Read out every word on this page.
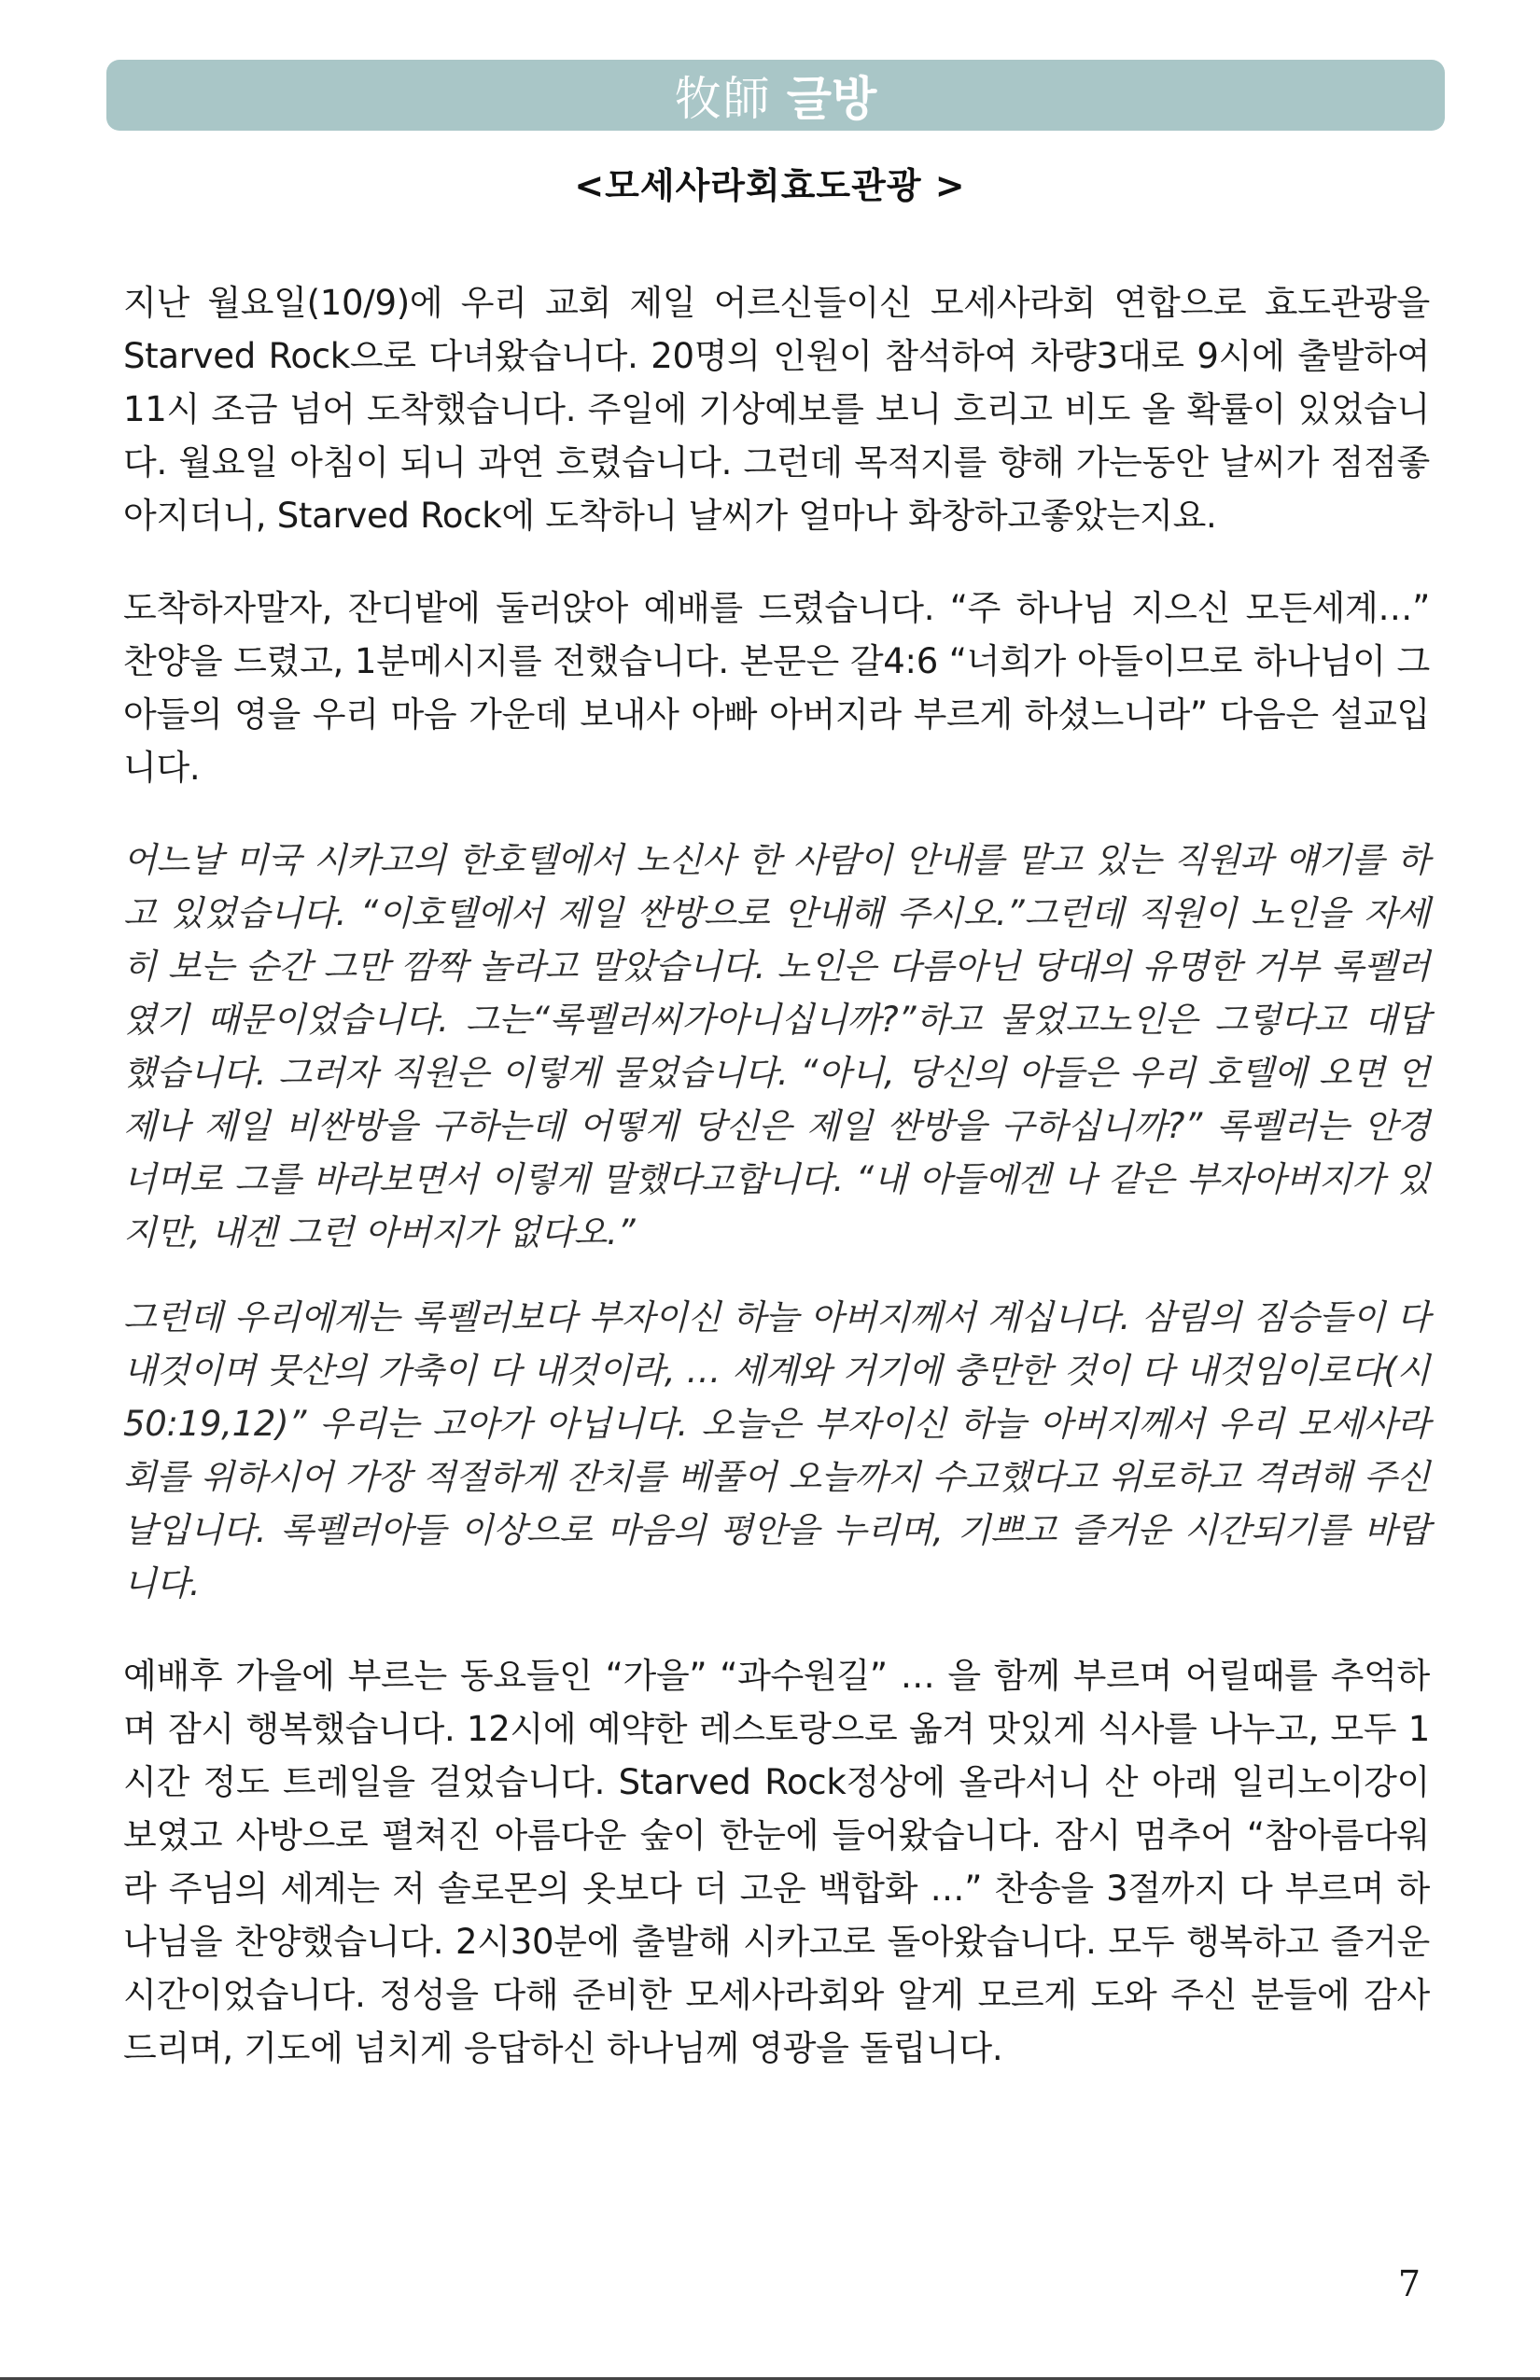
牧師 글방
<모세사라회효도관광 >

지난 월요일(10/9)에 우리 교회 제일 어르신들이신 모세사라회 연합으로 효도관광을 Starved Rock으로 다녀왔습니다. 20명의 인원이 참석하여 차량3대로 9시에 출발하여 11시 조금 넘어 도착했습니다. 주일에 기상예보를 보니 흐리고 비도 올 확률이 있었습니다. 월요일 아침이 되니 과연 흐렸습니다. 그런데 목적지를 향해 가는동안 날씨가 점점좋아지더니, Starved Rock에 도착하니 날씨가 얼마나 화창하고좋았는지요.

도착하자말자, 잔디밭에 둘러앉아 예배를 드렸습니다. “주 하나님 지으신 모든세계…” 찬양을 드렸고, 1분메시지를 전했습니다. 본문은 갈4:6 “너희가 아들이므로 하나님이 그 아들의 영을 우리 마음 가운데 보내사 아빠 아버지라 부르게 하셨느니라” 다음은 설교입니다.

어느날 미국 시카고의 한호텔에서 노신사 한 사람이 안내를 맡고 있는 직원과 얘기를 하고 있었습니다. “이호텔에서 제일 싼방으로 안내해 주시오.”그런데 직원이 노인을 자세히 보는 순간 그만 깜짝 놀라고 말았습니다. 노인은 다름아닌 당대의 유명한 거부 록펠러였기 때문이었습니다. 그는“록펠러씨가아니십니까?”하고 물었고노인은 그렇다고 대답했습니다. 그러자 직원은 이렇게 물었습니다. “아니, 당신의 아들은 우리 호텔에 오면 언제나 제일 비싼방을 구하는데 어떻게 당신은 제일 싼방을 구하십니까?” 록펠러는 안경 너머로 그를 바라보면서 이렇게 말했다고합니다. “내 아들에겐 나 같은 부자아버지가 있지만, 내겐 그런 아버지가 없다오.”

그런데 우리에게는 록펠러보다 부자이신 하늘 아버지께서 계십니다. 삼림의 짐승들이 다 내것이며 뭇산의 가축이 다 내것이라, … 세계와 거기에 충만한 것이 다 내것임이로다(시50:19,12)” 우리는 고아가 아닙니다. 오늘은 부자이신 하늘 아버지께서 우리 모세사라회를 위하시어 가장 적절하게 잔치를 베풀어 오늘까지 수고했다고 위로하고 격려해 주신 날입니다. 록펠러아들 이상으로 마음의 평안을 누리며, 기쁘고 즐거운 시간되기를 바랍니다.

예배후 가을에 부르는 동요들인 “가을” “과수원길” … 을 함께 부르며 어릴때를 추억하며 잠시 행복했습니다. 12시에 예약한 레스토랑으로 옮겨 맛있게 식사를 나누고, 모두 1시간 정도 트레일을 걸었습니다. Starved Rock정상에 올라서니 산 아래 일리노이강이 보였고 사방으로 펼쳐진 아름다운 숲이 한눈에 들어왔습니다. 잠시 멈추어 “참아름다워라 주님의 세계는 저 솔로몬의 옷보다 더 고운 백합화 …” 찬송을 3절까지 다 부르며 하나님을 찬양했습니다. 2시30분에 출발해 시카고로 돌아왔습니다. 모두 행복하고 즐거운 시간이었습니다. 정성을 다해 준비한 모세사라회와 알게 모르게 도와 주신 분들에 감사드리며, 기도에 넘치게 응답하신 하나님께 영광을 돌립니다.

7
